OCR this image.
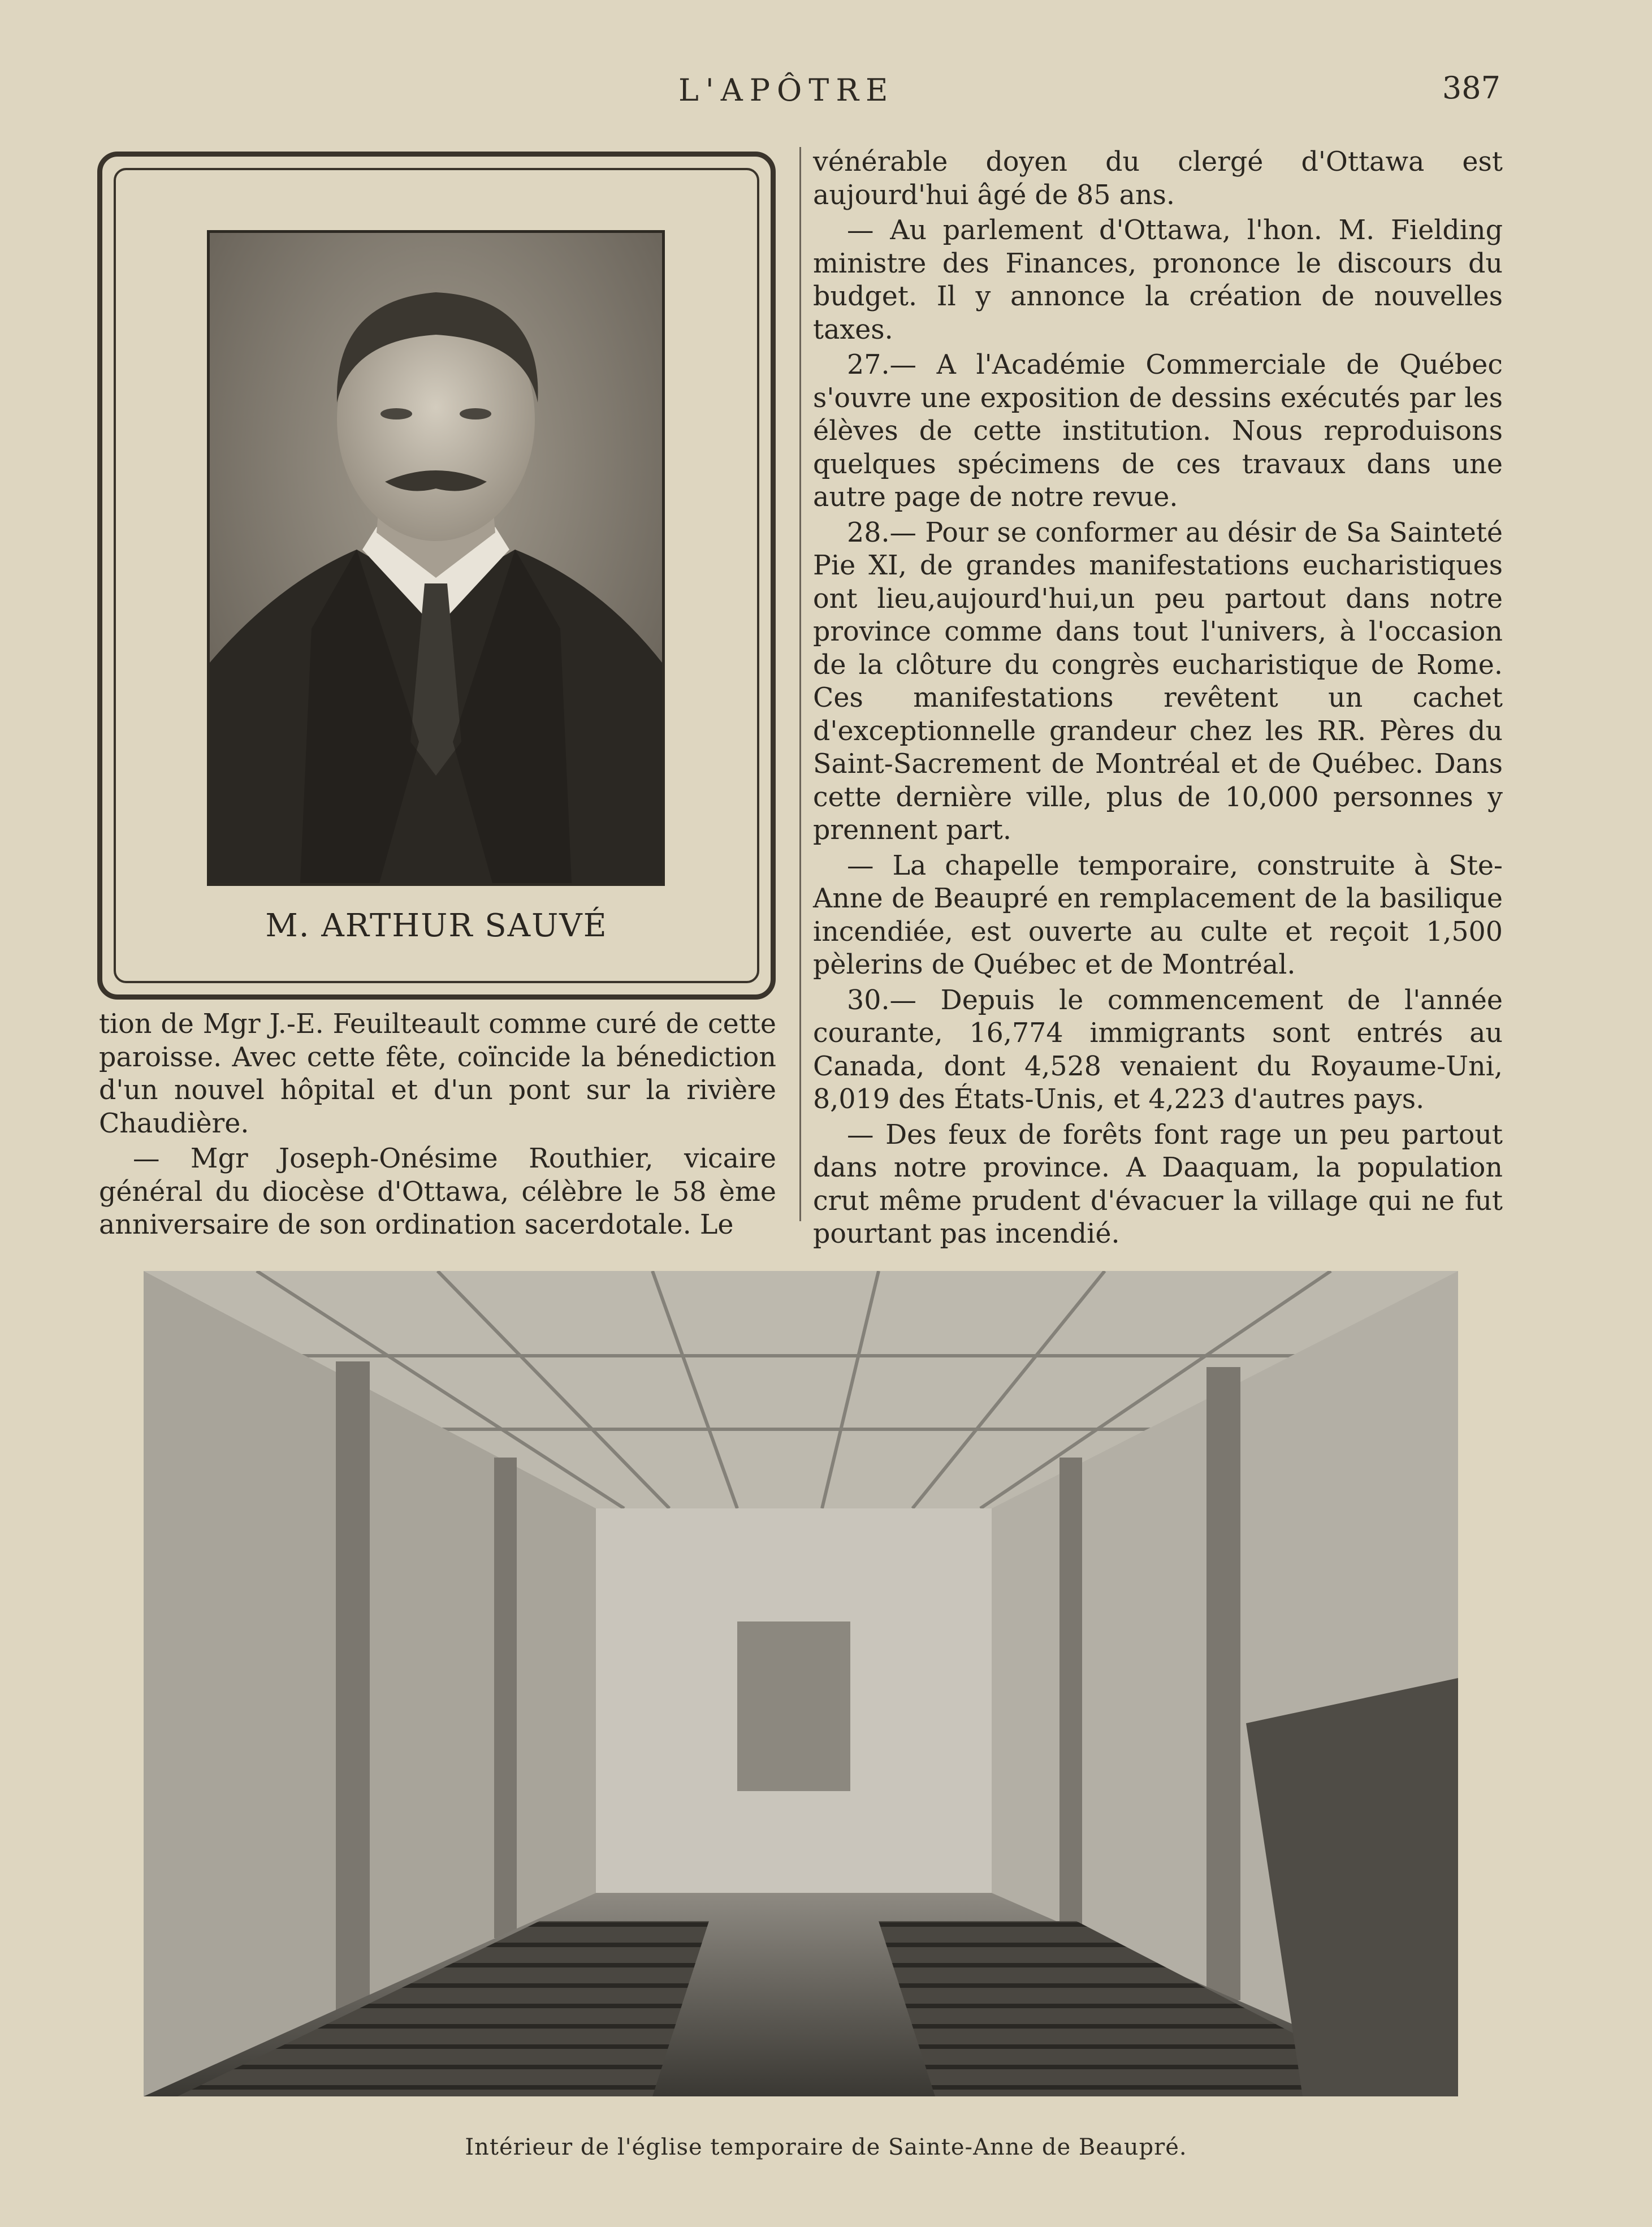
L'APÔTRE	387
M. ARTHUR SAUVÉ

tion de Mgr J.-E. Feuilteault comme curé de cette paroisse. Avec cette fête, coïncide la bénediction d'un nouvel hôpital et d'un pont sur la rivière Chaudière.

— Mgr Joseph-Onésime Routhier, vicaire général du diocèse d'Ottawa, célèbre le 58 ème anniversaire de son ordination sacerdotale. Le

vénérable doyen du clergé d'Ottawa est aujourd'hui âgé de 85 ans.

— Au parlement d'Ottawa, l'hon. M. Fielding ministre des Finances, prononce le discours du budget. Il y annonce la création de nouvelles taxes.

27.— A l'Académie Commerciale de Québec s'ouvre une exposition de dessins exécutés par les élèves de cette institution. Nous reproduisons quelques spécimens de ces travaux dans une autre page de notre revue.

28.— Pour se conformer au désir de Sa Sainteté Pie XI, de grandes manifestations eucharistiques ont lieu,aujourd'hui,un peu partout dans notre province comme dans tout l'univers, à l'occasion de la clôture du congrès eucharistique de Rome. Ces manifestations revêtent un cachet d'exceptionnelle grandeur chez les RR. Pères du Saint-Sacrement de Montréal et de Québec. Dans cette dernière ville, plus de 10,000 personnes y prennent part.

— La chapelle temporaire, construite à Ste-Anne de Beaupré en remplacement de la basilique incendiée, est ouverte au culte et reçoit 1,500 pèlerins de Québec et de Montréal.

30.— Depuis le commencement de l'année courante, 16,774 immigrants sont entrés au Canada, dont 4,528 venaient du Royaume-Uni, 8,019 des États-Unis, et 4,223 d'autres pays.

— Des feux de forêts font rage un peu partout dans notre province. A Daaquam, la population crut même prudent d'évacuer la village qui ne fut pourtant pas incendié.

Intérieur de l'église temporaire de Sainte-Anne de Beaupré.
